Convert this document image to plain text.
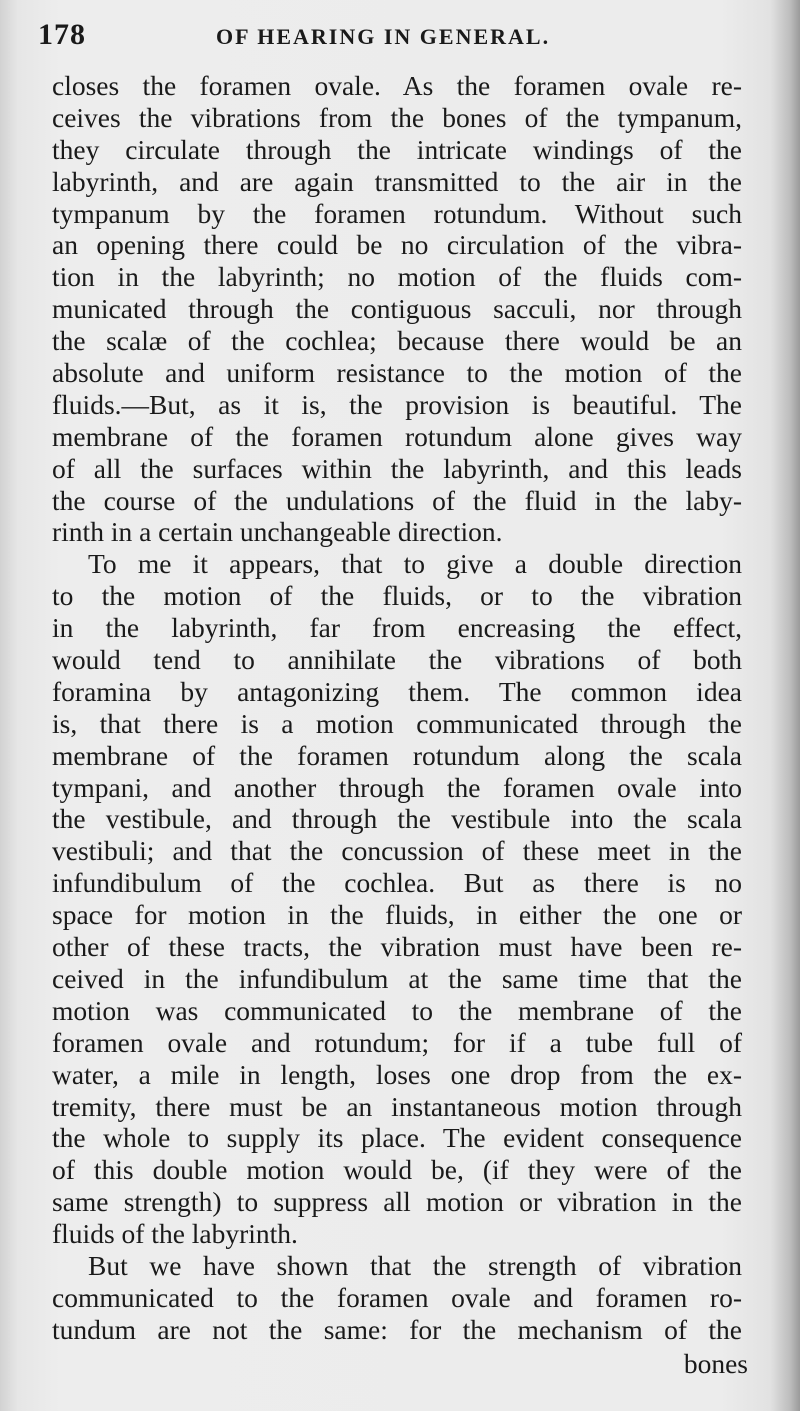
178	OF HEARING IN GENERAL.
closes the foramen ovale. As the foramen ovale re-
ceives the vibrations from the bones of the tympanum,
they circulate through the intricate windings of the
labyrinth, and are again transmitted to the air in the
tympanum by the foramen rotundum. Without such
an opening there could be no circulation of the vibra-
tion in the labyrinth; no motion of the fluids com-
municated through the contiguous sacculi, nor through
the scalæ of the cochlea; because there would be an
absolute and uniform resistance to the motion of the
fluids.—But, as it is, the provision is beautiful. The
membrane of the foramen rotundum alone gives way
of all the surfaces within the labyrinth, and this leads
the course of the undulations of the fluid in the laby-
rinth in a certain unchangeable direction.
To me it appears, that to give a double direction
to the motion of the fluids, or to the vibration
in the labyrinth, far from encreasing the effect,
would tend to annihilate the vibrations of both
foramina by antagonizing them. The common idea
is, that there is a motion communicated through the
membrane of the foramen rotundum along the scala
tympani, and another through the foramen ovale into
the vestibule, and through the vestibule into the scala
vestibuli; and that the concussion of these meet in the
infundibulum of the cochlea. But as there is no
space for motion in the fluids, in either the one or
other of these tracts, the vibration must have been re-
ceived in the infundibulum at the same time that the
motion was communicated to the membrane of the
foramen ovale and rotundum; for if a tube full of
water, a mile in length, loses one drop from the ex-
tremity, there must be an instantaneous motion through
the whole to supply its place. The evident consequence
of this double motion would be, (if they were of the
same strength) to suppress all motion or vibration in the
fluids of the labyrinth.
But we have shown that the strength of vibration
communicated to the foramen ovale and foramen ro-
tundum are not the same: for the mechanism of the
bones
